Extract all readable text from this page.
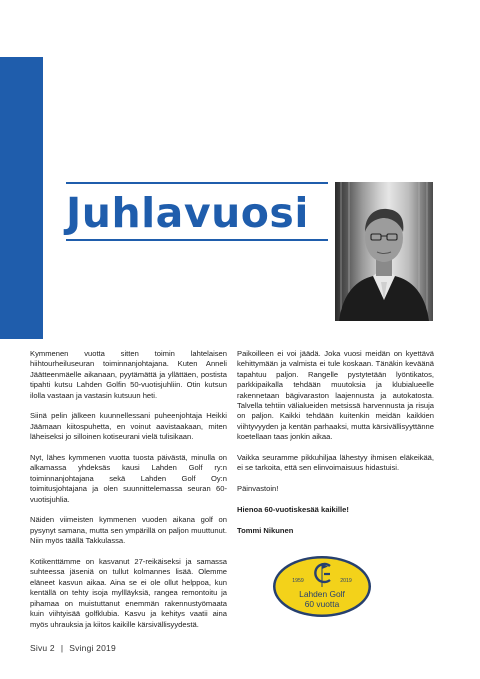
Juhlavuosi

Kymmenen vuotta sitten toimin lahtelaisen hiihtourheiluseuran toiminnanjohtajana. Kuten Anneli Jäätteenmäelle aikanaan, pyytämättä ja yllättäen, postista tipahti kutsu Lahden Golfin 50-vuotisjuhliin. Otin kutsun ilolla vastaan ja vastasin kutsuun heti.

Siinä pelin jälkeen kuunnellessani puheenjohtaja Heikki Jäämaan kiitospuhetta, en voinut aavistaakaan, miten läheiseksi jo silloinen kotiseurani vielä tulisikaan.

Nyt, lähes kymmenen vuotta tuosta päivästä, minulla on alkamassa yhdeksäs kausi Lahden Golf ry:n toiminnanjohtajana sekä Lahden Golf Oy:n toimitusjohtajana ja olen suunnittelemassa seuran 60-vuotisjuhlia.

Näiden viimeisten kymmenen vuoden aikana golf on pysynyt samana, mutta sen ympärillä on paljon muuttunut. Niin myös täällä Takkulassa.

Kotikenttämme on kasvanut 27-reikäiseksi ja samassa suhteessa jäseniä on tullut kolmannes lisää. Olemme eläneet kasvun aikaa. Aina se ei ole ollut helppoa, kun kentällä on tehty isoja myllläyksiä, rangea remontoitu ja pihamaa on muistuttanut enemmän rakennustyömaata kuin viihtyisää golfklubia. Kasvu ja kehitys vaatii aina myös uhrauksia ja kiitos kaikille kärsivällisyydestä.

Paikoilleen ei voi jäädä. Joka vuosi meidän on kyettävä kehittymään ja valmista ei tule koskaan. Tänäkin keväänä tapahtuu paljon. Rangelle pystytetään lyöntikatos, parkkipaikalla tehdään muutoksia ja klubialueelle rakennetaan bägivaraston laajennusta ja autokatosta. Talvella tehtiin välialueiden metsissä harvennusta ja risuja on paljon. Kaikki tehdään kuitenkin meidän kaikkien viihtyvyyden ja kentän parhaaksi, mutta kärsivällisyyttänne koetellaan taas jonkin aikaa.

Vaikka seuramme pikkuhiljaa lähestyy ihmisen eläkeikää, ei se tarkoita, että sen elinvoimaisuus hidastuisi.

Päinvastoin!

Hienoa 60-vuotiskesää kaikille!

Tommi Nikunen

1959	2019
Lahden Golf
60 vuotta
Sivu 2 | Svingi 2019
